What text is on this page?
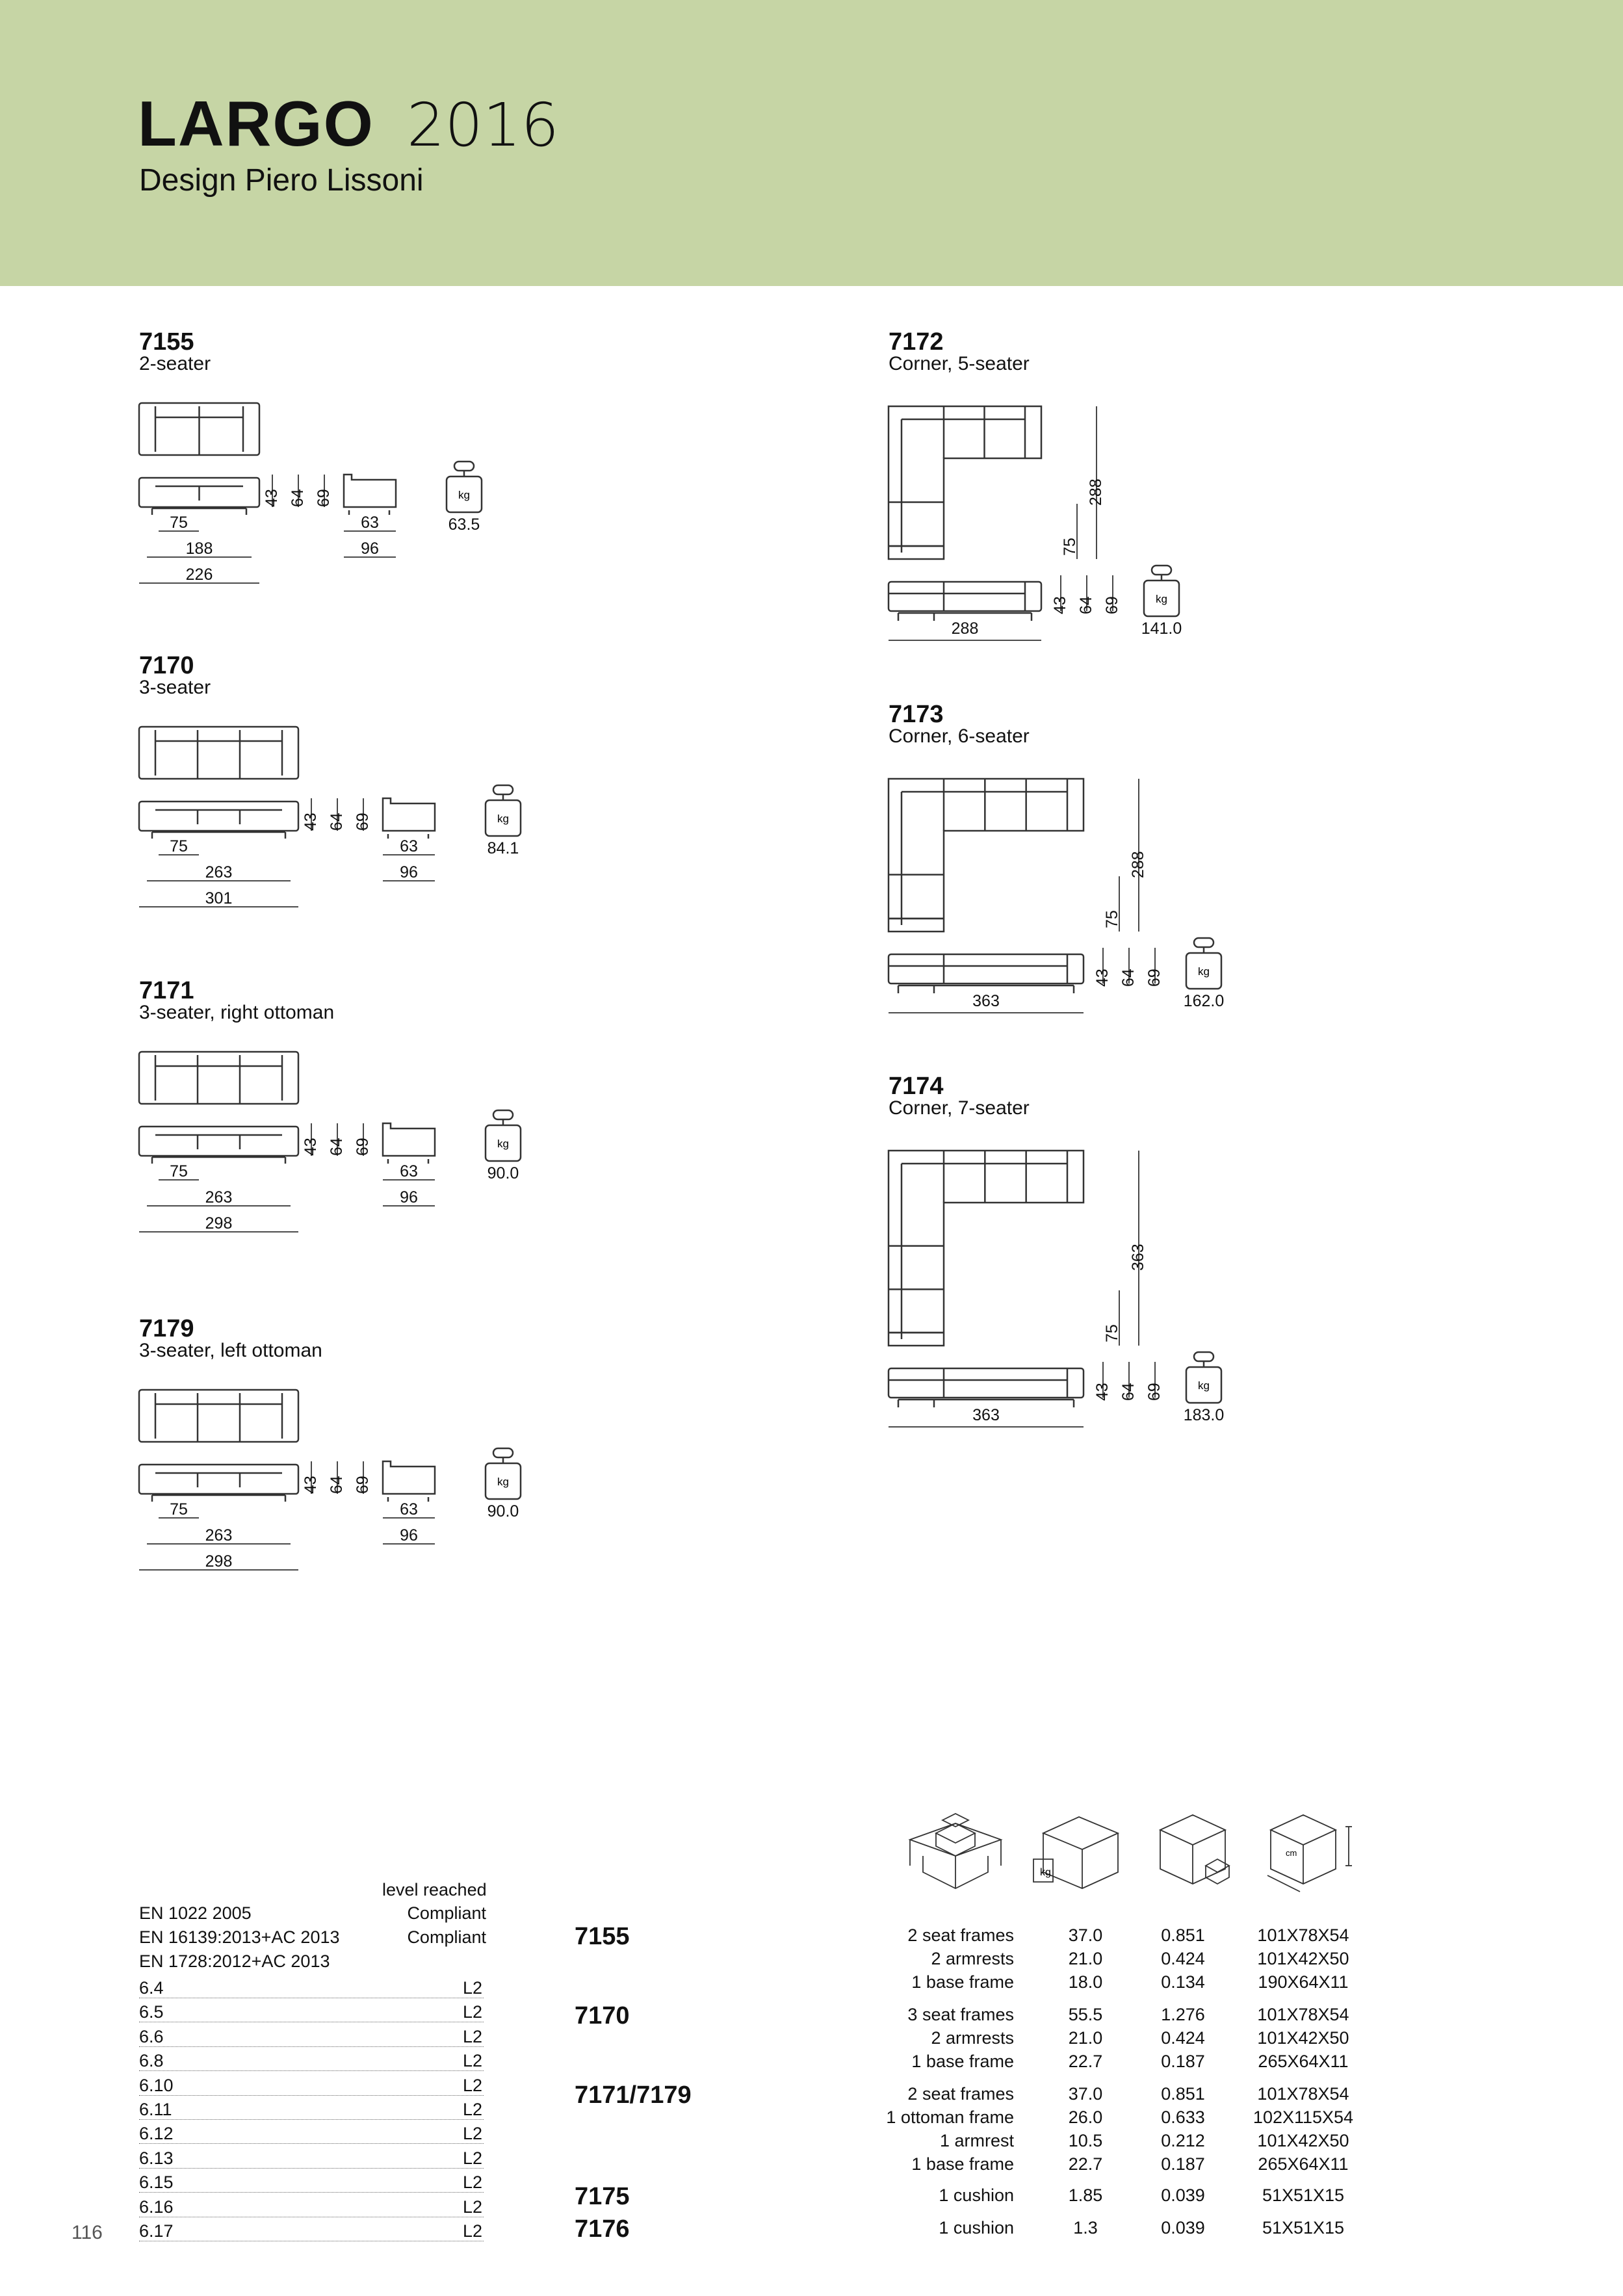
LARGO 2016
Design Piero Lissoni
7155
2-seater
75
188
226
43 64 69
63
96
kg
63.5
7170
3-seater
75
263
301
43 64 69
63
96
kg
84.1
7171
3-seater, right ottoman
75
263
298
43 64 69
63
96
kg
90.0
7179
3-seater, left ottoman
75
263
298
43 64 69
63
96
kg
90.0
7172
Corner, 5-seater
288
75
43 64 69
288
kg
141.0
7173
Corner, 6-seater
288
75
43 64 69
363
kg
162.0
7174
Corner, 7-seater
363
75
43 64 69
363
kg
183.0
kg
cm
level reached
EN 1022 2005	Compliant
EN 16139:2013+AC 2013	Compliant
EN 1728:2012+AC 2013
6.4	L2
6.5	L2
6.6	L2
6.8	L2
6.10	L2
6.11	L2
6.12	L2
6.13	L2
6.15	L2
6.16	L2
6.17	L2
7155	2 seat frames	37.0	0.851	101X78X54
2 armrests	21.0	0.424	101X42X50
1 base frame	18.0	0.134	190X64X11
7170	3 seat frames	55.5	1.276	101X78X54
2 armrests	21.0	0.424	101X42X50
1 base frame	22.7	0.187	265X64X11
7171/7179	2 seat frames	37.0	0.851	101X78X54
1 ottoman frame	26.0	0.633	102X115X54
1 armrest	10.5	0.212	101X42X50
1 base frame	22.7	0.187	265X64X11
7175	1 cushion	1.85	0.039	51X51X15
7176	1 cushion	1.3	0.039	51X51X15
116
